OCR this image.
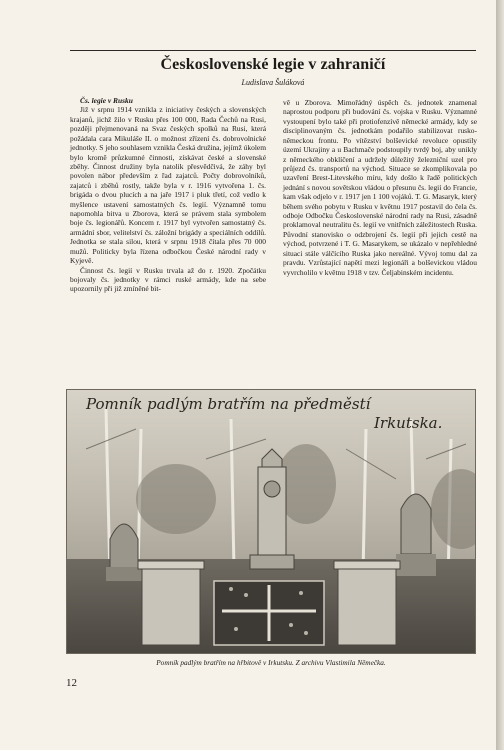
Československé legie v zahraničí
Ludislava Šuláková

Čs. legie v Rusku

Již v srpnu 1914 vznikla z iniciativy českých a slovenských krajanů, jichž žilo v Rusku přes 100 000, Rada Čechů na Rusi, později přejmenovaná na Svaz českých spolků na Rusi, která požádala cara Mikuláše II. o možnost zřízení čs. dobrovolnické jednotky. S jeho souhlasem vznikla Česká družina, jejímž úkolem bylo kromě průzkumné činnosti, získávat české a slovenské zběhy. Činnost družiny byla natolik přesvědčivá, že záhy byl povolen nábor především z řad zajatců. Počty dobrovolníků, zajatců i zběhů rostly, takže byla v r. 1916 vytvořena 1. čs. brigáda o dvou plucích a na jaře 1917 i pluk třetí, což vedlo k myšlence ustavení samostatných čs. legií. Významně tomu napomohla bitva u Zborova, která se právem stala symbolem boje čs. legionářů. Koncem r. 1917 byl vytvořen samostatný čs. armádní sbor, velitelství čs. záložní brigády a speciálních oddílů. Jednotka se stala silou, která v srpnu 1918 čítala přes 70 000 mužů. Politicky byla řízena odbočkou České národní rady v Kyjevě.

Činnost čs. legií v Rusku trvala až do r. 1920. Zpočátku bojovaly čs. jednotky v rámci ruské armády, kde na sebe upozornily při již zmíněné bit-

vě u Zborova. Mimořádný úspěch čs. jednotek znamenal naprostou podporu při budování čs. vojska v Rusku. Významné vystoupení bylo také při protiofenzívě německé armády, kdy se disciplinovaným čs. jednotkám podařilo stabilizovat rusko-německou frontu. Po vítězství bolševické revoluce opustily území Ukrajiny a u Bachmače podstoupily tvrdý boj, aby unikly z německého obklíčení a udržely důležitý železniční uzel pro průjezd čs. transportů na východ. Situace se zkomplikovala po uzavření Brest-Litevského míru, kdy došlo k řadě politických jednání s novou sovětskou vládou o přesunu čs. legií do Francie, kam však odjelo v r. 1917 jen 1 100 vojáků. T. G. Masaryk, který během svého pobytu v Rusku v květnu 1917 postavil do čela čs. odboje Odbočku Československé národní rady na Rusi, zásadně proklamoval neutralitu čs. legií ve vnitřních záležitostech Ruska. Původní stanovisko o odzbrojení čs. legií při jejich cestě na východ, potvrzené i T. G. Masarykem, se ukázalo v nepřehledné situaci stále válčícího Ruska jako nereálné. Vývoj tomu dal za pravdu. Vzrůstající napětí mezi legionáři a bolševickou vládou vyvrcholilo v květnu 1918 v tzv. Čeljabinském incidentu.

Pomník padlým bratřím na předměstí
Irkutska.
Pomník padlým bratřím na hřbitově v Irkutsku. Z archivu Vlastimila Němečka.
12
